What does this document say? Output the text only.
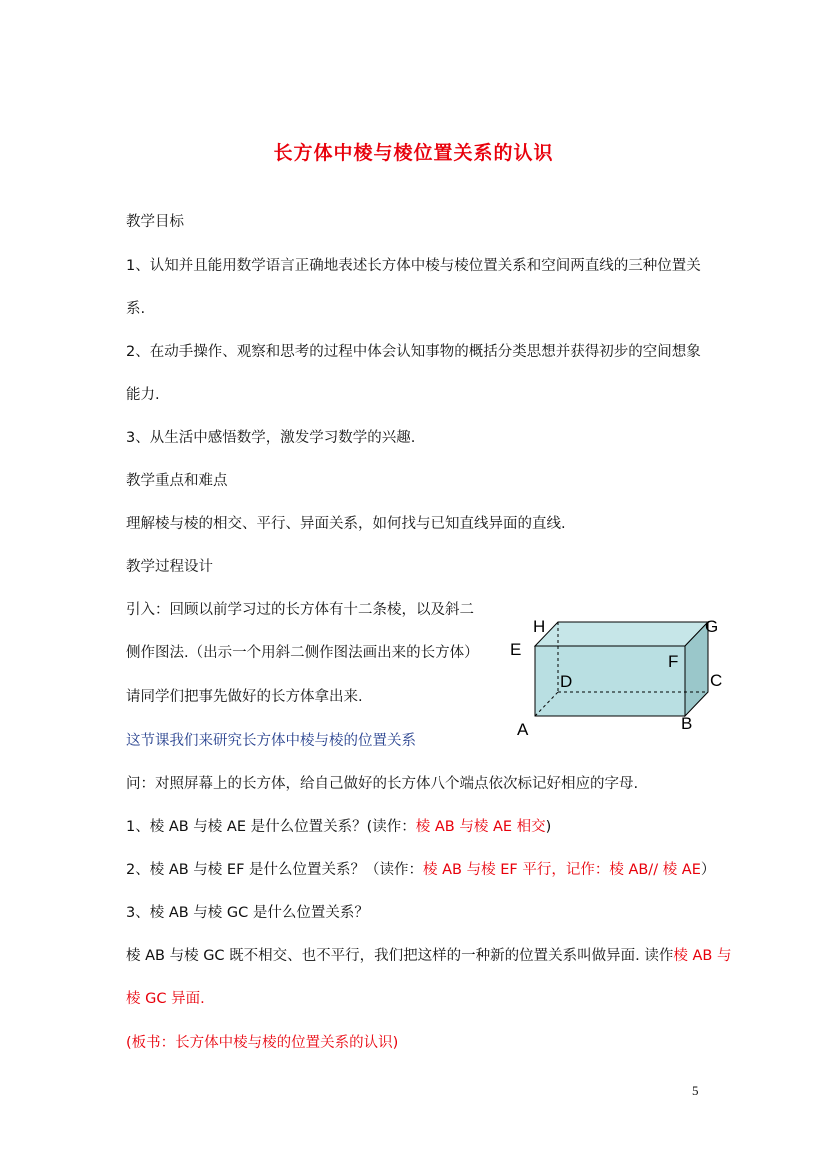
长方体中棱与棱位置关系的认识
教学目标
1、认知并且能用数学语言正确地表述长方体中棱与棱位置关系和空间两直线的三种位置关
系.
2、在动手操作、观察和思考的过程中体会认知事物的概括分类思想并获得初步的空间想象
能力.
3、从生活中感悟数学，激发学习数学的兴趣.
教学重点和难点
理解棱与棱的相交、平行、异面关系，如何找与已知直线异面的直线.
教学过程设计
引入：回顾以前学习过的长方体有十二条棱，以及斜二
侧作图法.（出示一个用斜二侧作图法画出来的长方体）
请同学们把事先做好的长方体拿出来.
这节课我们来研究长方体中棱与棱的位置关系
问：对照屏幕上的长方体，给自己做好的长方体八个端点依次标记好相应的字母.
1、棱 AB 与棱 AE 是什么位置关系？(读作：棱 AB 与棱 AE 相交)
2、棱 AB 与棱 EF 是什么位置关系？（读作：棱 AB 与棱 EF 平行，记作：棱 AB// 棱 AE）
3、棱 AB 与棱 GC 是什么位置关系？
棱 AB 与棱 GC 既不相交、也不平行，我们把这样的一种新的位置关系叫做异面. 读作棱 AB 与
棱 GC 异面.
(板书：长方体中棱与棱的位置关系的认识)
A	B
C
D
E
F
G
H
5
